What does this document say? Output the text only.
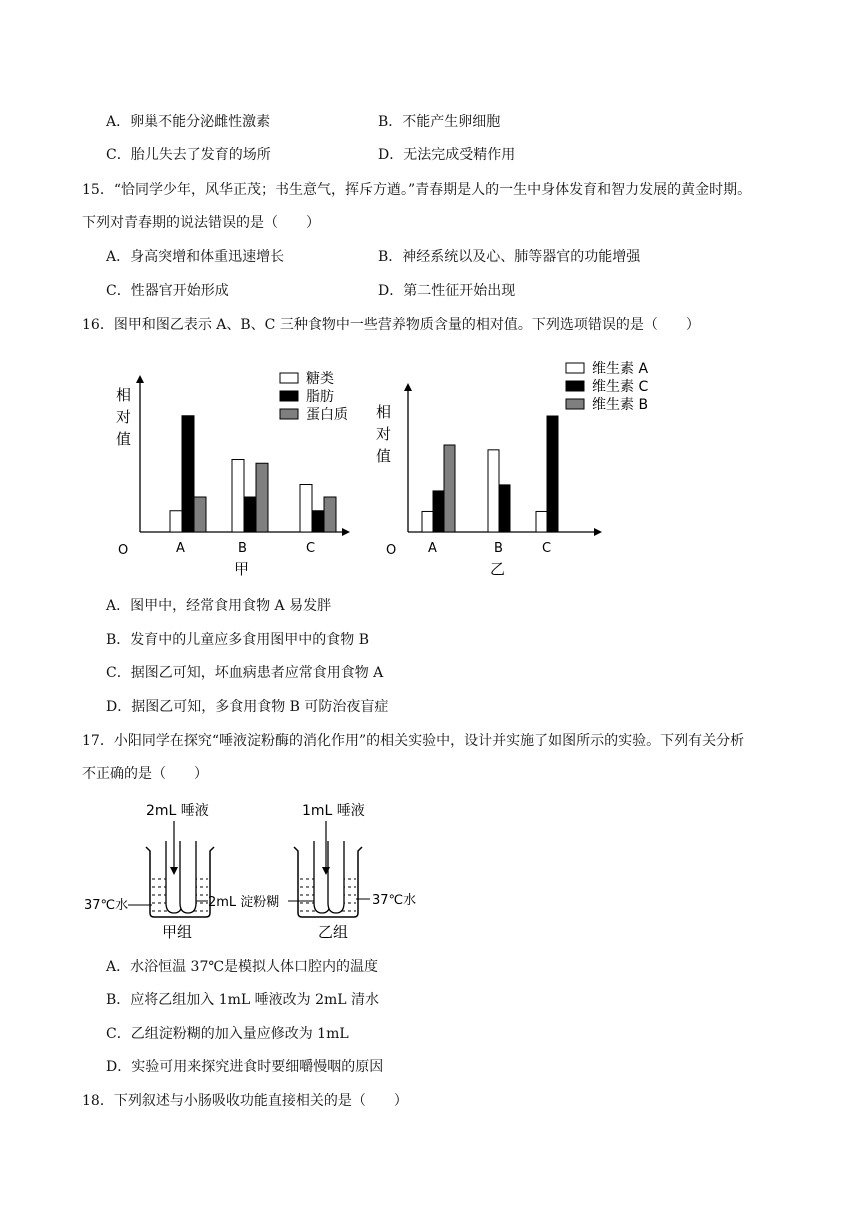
A．卵巢不能分泌雌性激素	B．不能产生卵细胞
C．胎儿失去了发育的场所	D．无法完成受精作用
15．“恰同学少年，风华正茂；书生意气，挥斥方遒。”青春期是人的一生中身体发育和智力发展的黄金时期。
下列对青春期的说法错误的是（　　）
A．身高突增和体重迅速增长	B．神经系统以及心、肺等器官的功能增强
C．性器官开始形成	D．第二性征开始出现
16．图甲和图乙表示 A、B、C 三种食物中一些营养物质含量的相对值。下列选项错误的是（　　）
相
对
值
O	A	B	C
甲
糖类
脂肪
蛋白质 相
对
值
O A	B	C
乙
维生素 A
维生素 C
维生素 B
A．图甲中，经常食用食物 A 易发胖
B．发育中的儿童应多食用图甲中的食物 B
C．据图乙可知，坏血病患者应常食用食物 A
D．据图乙可知，多食用食物 B 可防治夜盲症
17．小阳同学在探究“唾液淀粉酶的消化作用”的相关实验中，设计并实施了如图所示的实验。下列有关分析
不正确的是（　　）
2mL 唾液	1mL 唾液
37℃水	2mL 淀粉糊	37℃水
甲组	乙组
A．水浴恒温 37℃是模拟人体口腔内的温度
B．应将乙组加入 1mL 唾液改为 2mL 清水
C．乙组淀粉糊的加入量应修改为 1mL
D．实验可用来探究进食时要细嚼慢咽的原因
18．下列叙述与小肠吸收功能直接相关的是（　　）
